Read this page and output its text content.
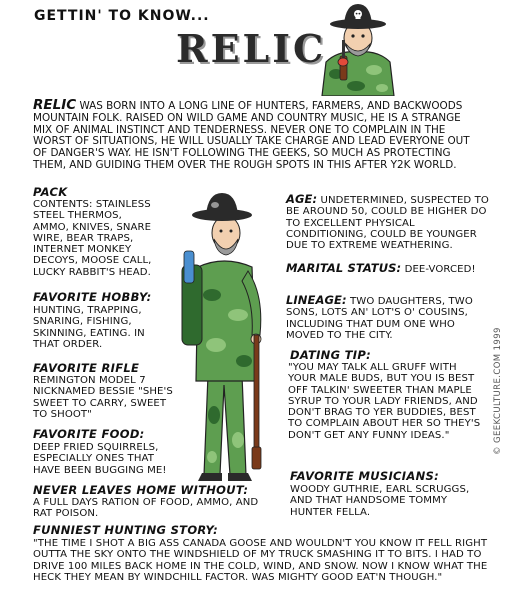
GETTIN' TO KNOW...
RELIC
RELIC WAS BORN INTO A LONG LINE OF HUNTERS, FARMERS, AND BACKWOODS MOUNTAIN FOLK. RAISED ON WILD GAME AND COUNTRY MUSIC, HE IS A STRANGE MIX OF ANIMAL INSTINCT AND TENDERNESS. NEVER ONE TO COMPLAIN IN THE WORST OF SITUATIONS, HE WILL USUALLY TAKE CHARGE AND LEAD EVERYONE OUT OF DANGER'S WAY. HE ISN'T FOLLOWING THE GEEKS, SO MUCH AS PROTECTING THEM, AND GUIDING THEM OVER THE ROUGH SPOTS IN THIS AFTER Y2K WORLD.
PACK
CONTENTS: STAINLESS STEEL THERMOS, AMMO, KNIVES, SNARE WIRE, BEAR TRAPS, INTERNET MONKEY DECOYS, MOOSE CALL, LUCKY RABBIT'S HEAD.
FAVORITE HOBBY:
HUNTING, TRAPPING, SNARING, FISHING, SKINNING, EATING. IN THAT ORDER.
FAVORITE RIFLE
REMINGTON MODEL 7 NICKNAMED BESSIE "SHE'S SWEET TO CARRY, SWEET TO SHOOT"
FAVORITE FOOD:
DEEP FRIED SQUIRRELS, ESPECIALLY ONES THAT HAVE BEEN BUGGING ME!
NEVER LEAVES HOME WITHOUT:
A FULL DAYS RATION OF FOOD, AMMO, AND RAT POISON.
AGE: UNDETERMINED, SUSPECTED TO BE AROUND 50, COULD BE HIGHER DO TO EXCELLENT PHYSICAL CONDITIONING, COULD BE YOUNGER DUE TO EXTREME WEATHERING.
MARITAL STATUS: DEE-VORCED!
LINEAGE: TWO DAUGHTERS, TWO SONS, LOTS AN' LOT'S O' COUSINS, INCLUDING THAT DUM ONE WHO MOVED TO THE CITY.
DATING TIP:
"YOU MAY TALK ALL GRUFF WITH YOUR MALE BUDS, BUT YOU IS BEST OFF TALKIN' SWEETER THAN MAPLE SYRUP TO YOUR LADY FRIENDS, AND DON'T BRAG TO YER BUDDIES, BEST TO COMPLAIN ABOUT HER SO THEY'S DON'T GET ANY FUNNY IDEAS."
FAVORITE MUSICIANS:
WOODY GUTHRIE, EARL SCRUGGS, AND THAT HANDSOME TOMMY HUNTER FELLA.
FUNNIEST HUNTING STORY:
"THE TIME I SHOT A BIG ASS CANADA GOOSE AND WOULDN'T YOU KNOW IT FELL RIGHT OUTTA THE SKY ONTO THE WINDSHIELD OF MY TRUCK SMASHING IT TO BITS. I HAD TO DRIVE 100 MILES BACK HOME IN THE COLD, WIND, AND SNOW. NOW I KNOW WHAT THE HECK THEY MEAN BY WINDCHILL FACTOR. WAS MIGHTY GOOD EAT'N THOUGH."
© GEEKCULTURE.COM 1999
